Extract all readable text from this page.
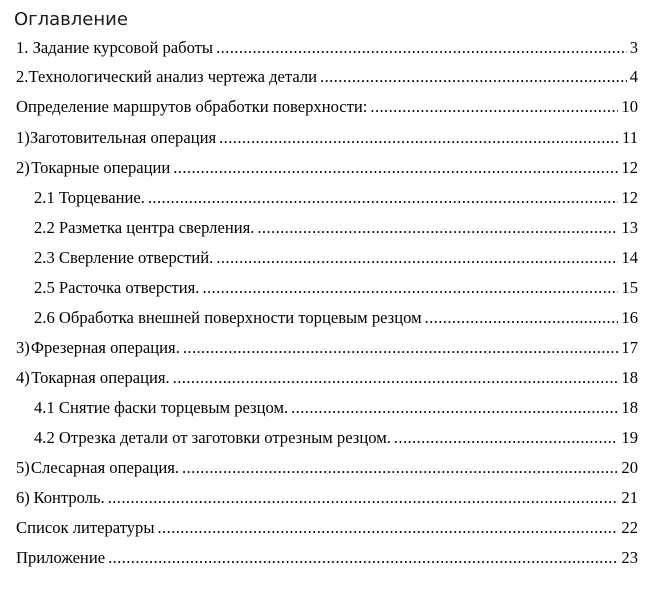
Оглавление
1. Задание курсовой работы .....	3
2.Технологический анализ чертежа детали .....	4
Определение маршрутов обработки поверхности: .....	10
1) Заготовительная операция .....	11
2) Токарные операции .....	12
2.1 Торцевание. .....	12
2.2 Разметка центра сверления. .....	13
2.3 Сверление отверстий. .....	14
2.5 Расточка отверстия. .....	15
2.6 Обработка внешней поверхности торцевым резцом .....	16
3) Фрезерная операция. .....	17
4) Токарная операция. .....	18
4.1 Снятие фаски торцевым резцом. .....	18
4.2 Отрезка детали от заготовки отрезным резцом. .....	19
5) Слесарная операция. .....	20
6) Контроль. .....	21
Список литературы .....	22
Приложение .....	23
